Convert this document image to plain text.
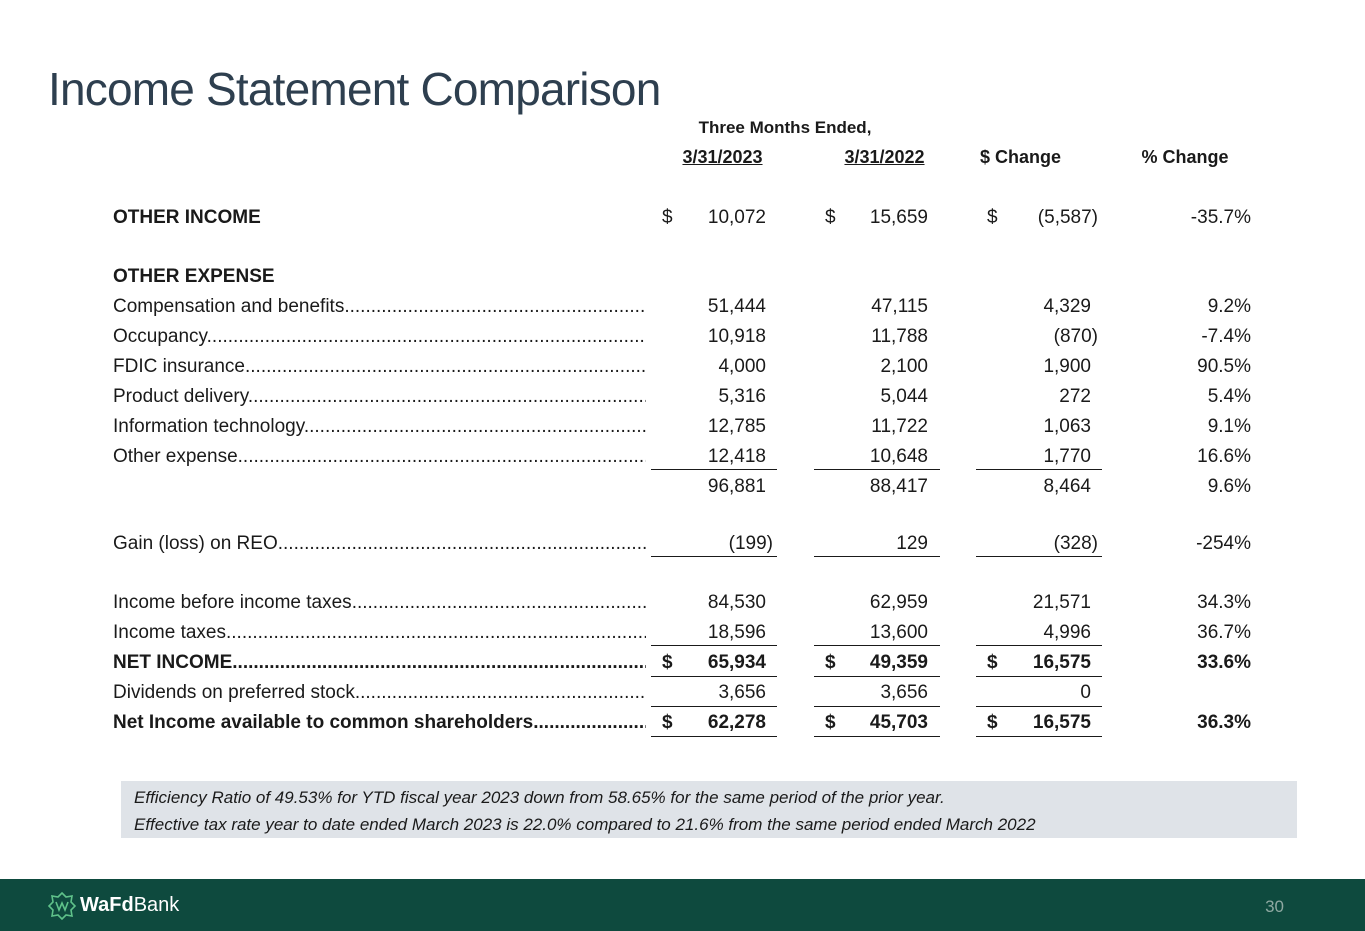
Income Statement Comparison
Three Months Ended,
3/31/2023	3/31/2022	$ Change	% Change
OTHER INCOME	$	10,072	$	15,659	$	(5,587)	-35.7%
OTHER EXPENSE
Compensation and benefits .....	51,444	47,115	4,329	9.2%
Occupancy .....	10,918	11,788	(870)	-7.4%
FDIC insurance .....	4,000	2,100	1,900	90.5%
Product delivery .....	5,316	5,044	272	5.4%
Information technology .....	12,785	11,722	1,063	9.1%
Other expense .....	12,418	10,648	1,770	16.6%
96,881	88,417	8,464	9.6%
Gain (loss) on REO .....	(199)	129	(328)	-254%
Income before income taxes .....	84,530	62,959	21,571	34.3%
Income taxes .....	18,596	13,600	4,996	36.7%
NET INCOME .....	$	65,934	$	49,359	$	16,575	33.6%
Dividends on preferred stock .....	3,656	3,656	0
Net Income available to common shareholders .....	$	62,278	$	45,703	$	16,575	36.3%
Efficiency Ratio of 49.53% for YTD fiscal year 2023 down from 58.65% for the same period of the prior year.
Effective tax rate year to date ended March 2023 is 22.0% compared to 21.6% from the same period ended March 2022
WaFdBank	30
